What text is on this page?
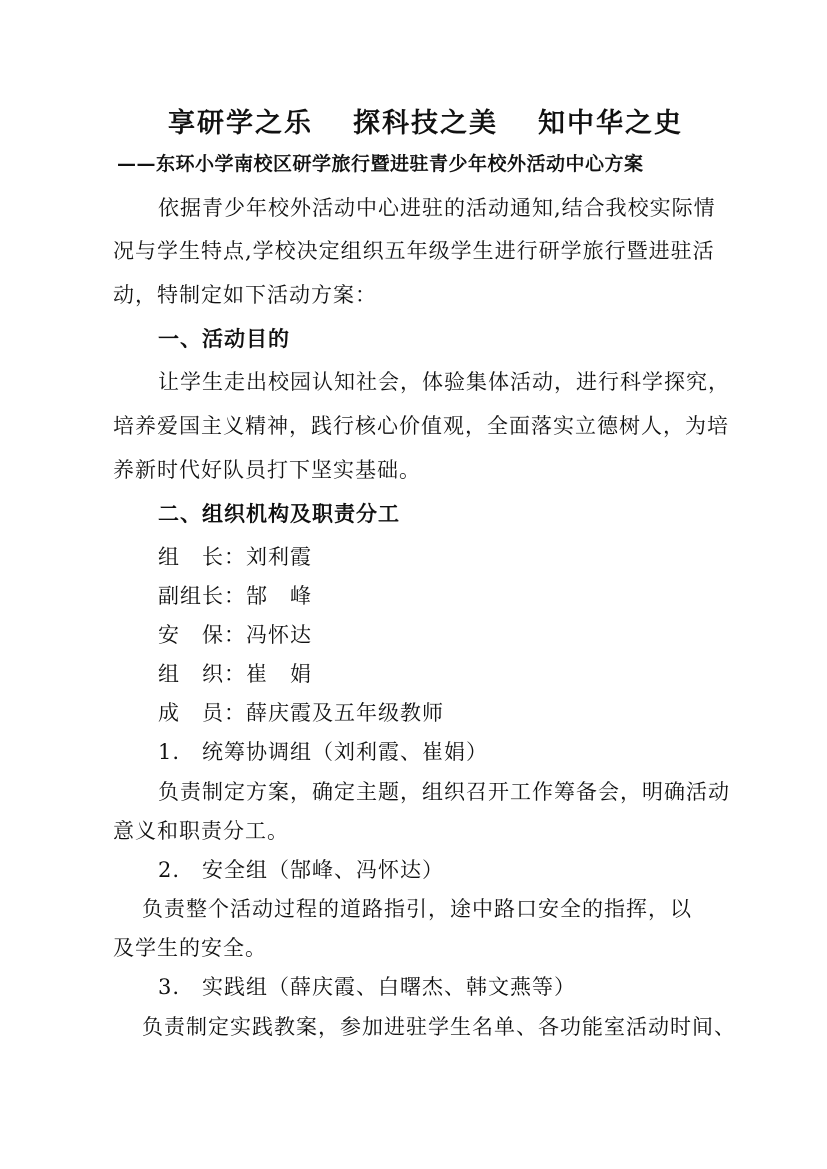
享研学之乐 探科技之美 知中华之史
——东环小学南校区研学旅行暨进驻青少年校外活动中心方案
依据青少年校外活动中心进驻的活动通知,结合我校实际情
况与学生特点,学校决定组织五年级学生进行研学旅行暨进驻活
动，特制定如下活动方案：
一、活动目的
让学生走出校园认知社会，体验集体活动，进行科学探究，
培养爱国主义精神，践行核心价值观，全面落实立德树人，为培
养新时代好队员打下坚实基础。
二、组织机构及职责分工
组　长：刘利霞
副组长：郜　峰
安　保：冯怀达
组　织：崔　娟
成　员：薛庆霞及五年级教师
1. 统筹协调组（刘利霞、崔娟）
负责制定方案，确定主题，组织召开工作筹备会，明确活动
意义和职责分工。
2. 安全组（郜峰、冯怀达）
负责整个活动过程的道路指引，途中路口安全的指挥，以
及学生的安全。
3. 实践组（薛庆霞、白曙杰、韩文燕等）
负责制定实践教案，参加进驻学生名单、各功能室活动时间、
